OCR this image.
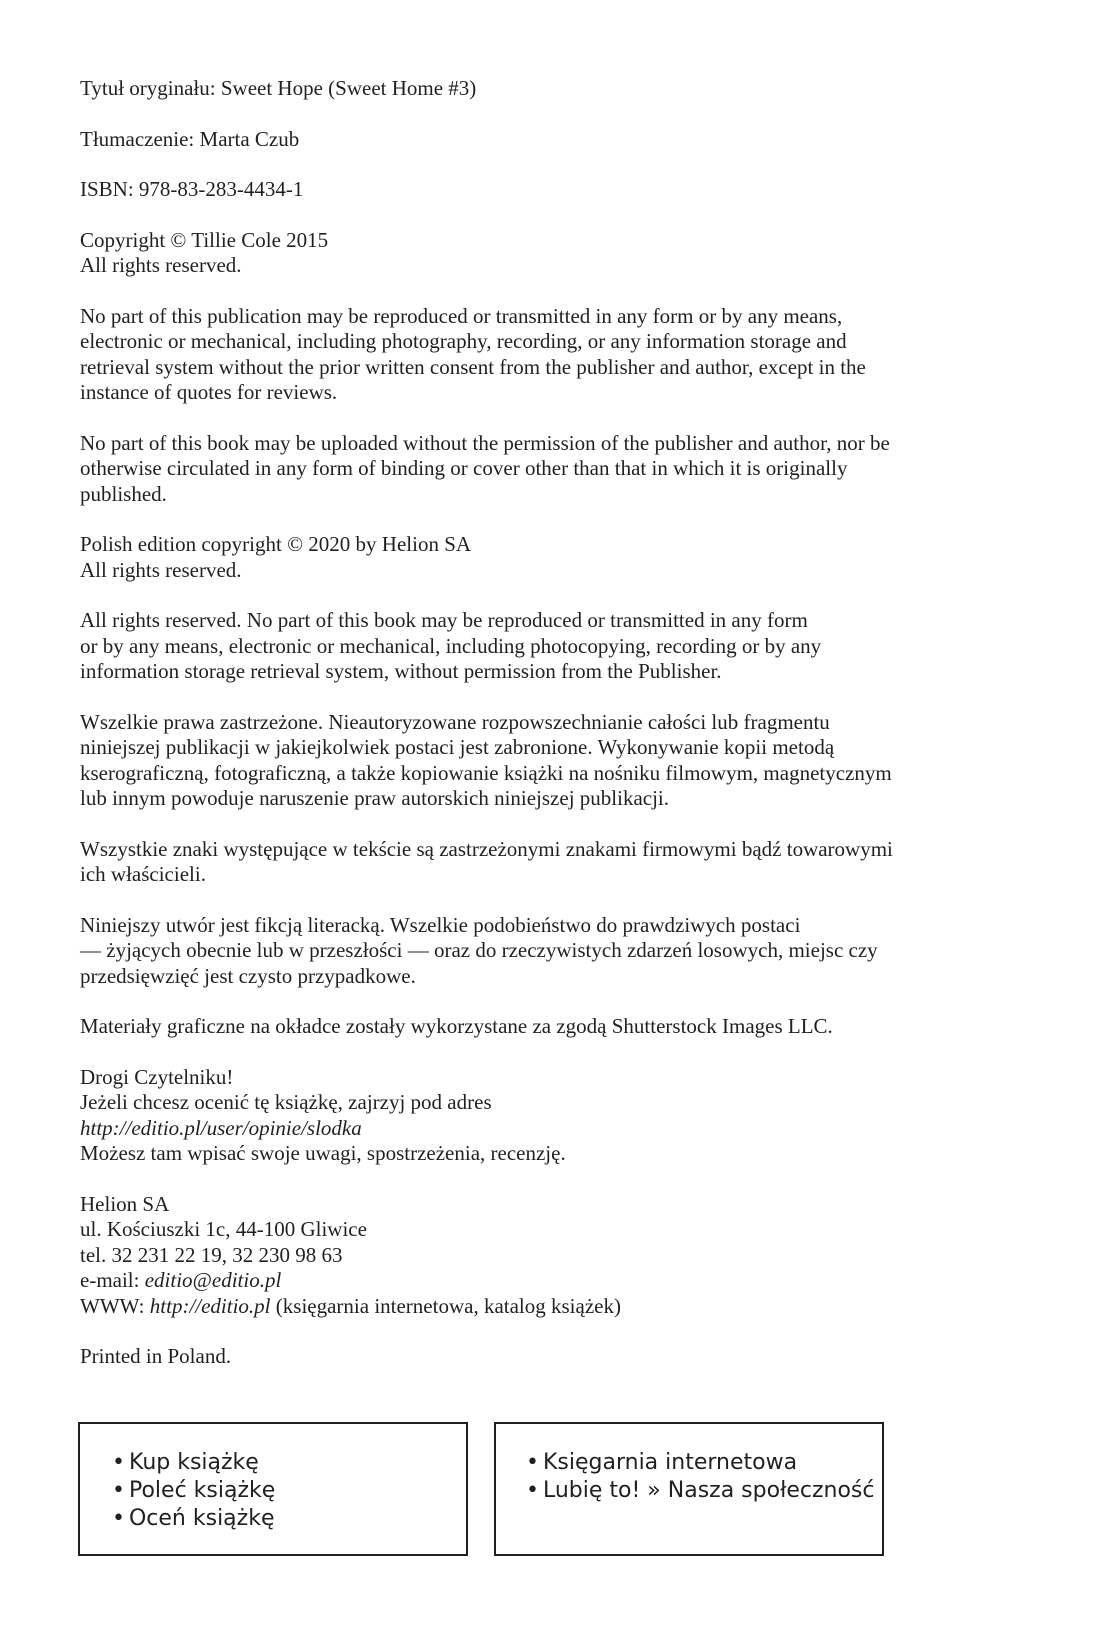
Tytuł oryginału: Sweet Hope (Sweet Home #3)
Tłumaczenie: Marta Czub
ISBN: 978-83-283-4434-1
Copyright © Tillie Cole 2015
All rights reserved.
No part of this publication may be reproduced or transmitted in any form or by any means,
electronic or mechanical, including photography, recording, or any information storage and
retrieval system without the prior written consent from the publisher and author, except in the
instance of quotes for reviews.
No part of this book may be uploaded without the permission of the publisher and author, nor be
otherwise circulated in any form of binding or cover other than that in which it is originally
published.
Polish edition copyright © 2020 by Helion SA
All rights reserved.
All rights reserved. No part of this book may be reproduced or transmitted in any form
or by any means, electronic or mechanical, including photocopying, recording or by any
information storage retrieval system, without permission from the Publisher.
Wszelkie prawa zastrzeżone. Nieautoryzowane rozpowszechnianie całości lub fragmentu
niniejszej publikacji w jakiejkolwiek postaci jest zabronione. Wykonywanie kopii metodą
kserograficzną, fotograficzną, a także kopiowanie książki na nośniku filmowym, magnetycznym
lub innym powoduje naruszenie praw autorskich niniejszej publikacji.
Wszystkie znaki występujące w tekście są zastrzeżonymi znakami firmowymi bądź towarowymi
ich właścicieli.
Niniejszy utwór jest fikcją literacką. Wszelkie podobieństwo do prawdziwych postaci
— żyjących obecnie lub w przeszłości — oraz do rzeczywistych zdarzeń losowych, miejsc czy
przedsięwzięć jest czysto przypadkowe.
Materiały graficzne na okładce zostały wykorzystane za zgodą Shutterstock Images LLC.
Drogi Czytelniku!
Jeżeli chcesz ocenić tę książkę, zajrzyj pod adres
http://editio.pl/user/opinie/slodka
Możesz tam wpisać swoje uwagi, spostrzeżenia, recenzję.
Helion SA
ul. Kościuszki 1c, 44-100 Gliwice
tel. 32 231 22 19, 32 230 98 63
e-mail: editio@editio.pl
WWW: http://editio.pl (księgarnia internetowa, katalog książek)
Printed in Poland.
• Kup książkę
• Poleć książkę
• Oceń książkę
• Księgarnia internetowa
• Lubię to! » Nasza społeczność
